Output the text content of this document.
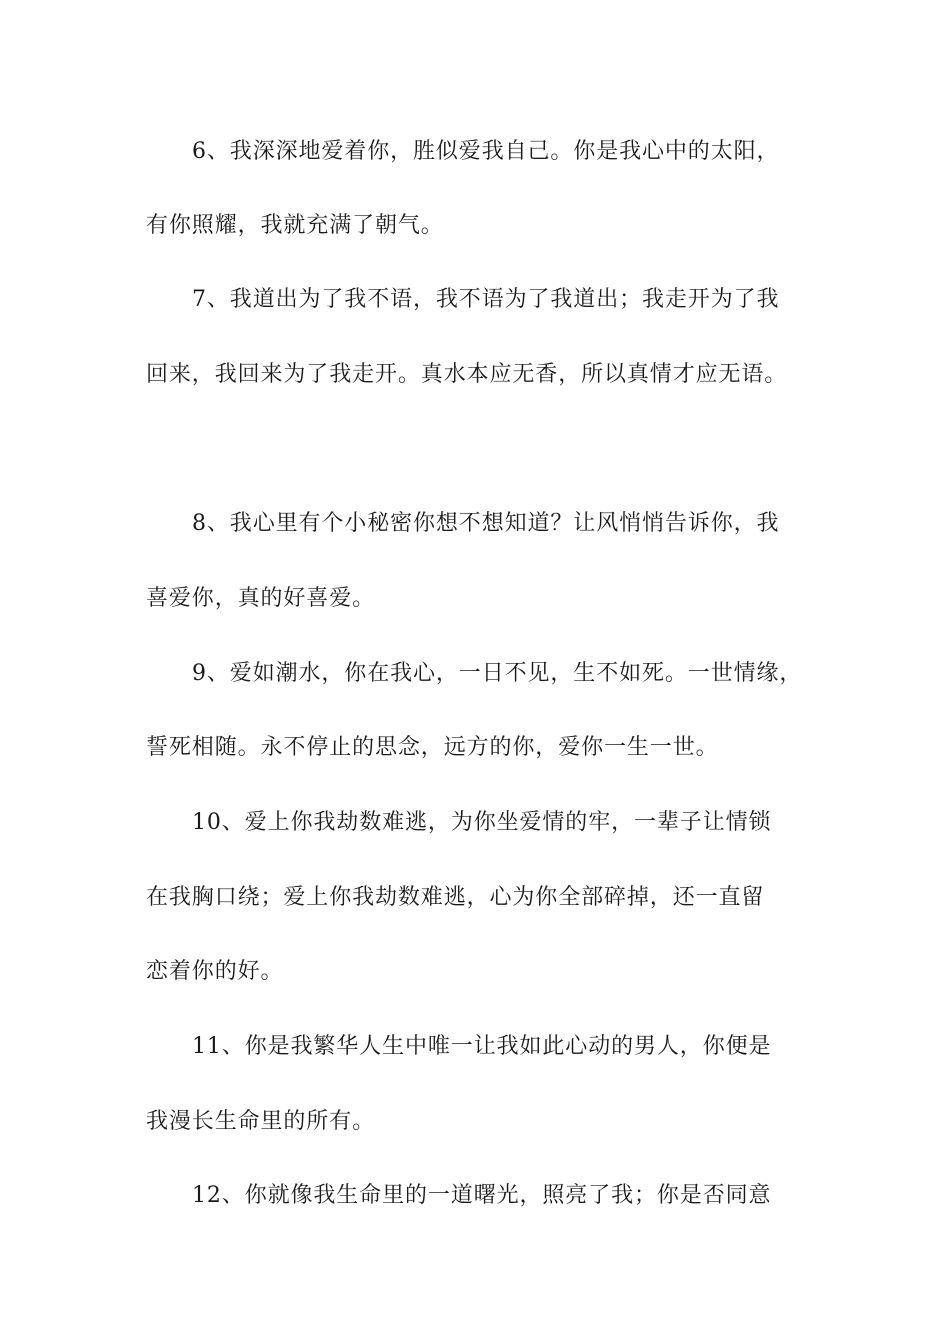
6、我深深地爱着你，胜似爱我自己。你是我心中的太阳，
有你照耀，我就充满了朝气。
7、我道出为了我不语，我不语为了我道出；我走开为了我
回来，我回来为了我走开。真水本应无香，所以真情才应无语。
8、我心里有个小秘密你想不想知道？让风悄悄告诉你，我
喜爱你，真的好喜爱。
9、爱如潮水，你在我心，一日不见，生不如死。一世情缘，
誓死相随。永不停止的思念，远方的你，爱你一生一世。
10、爱上你我劫数难逃，为你坐爱情的牢，一辈子让情锁
在我胸口绕；爱上你我劫数难逃，心为你全部碎掉，还一直留
恋着你的好。
11、你是我繁华人生中唯一让我如此心动的男人，你便是
我漫长生命里的所有。
12、你就像我生命里的一道曙光，照亮了我；你是否同意
